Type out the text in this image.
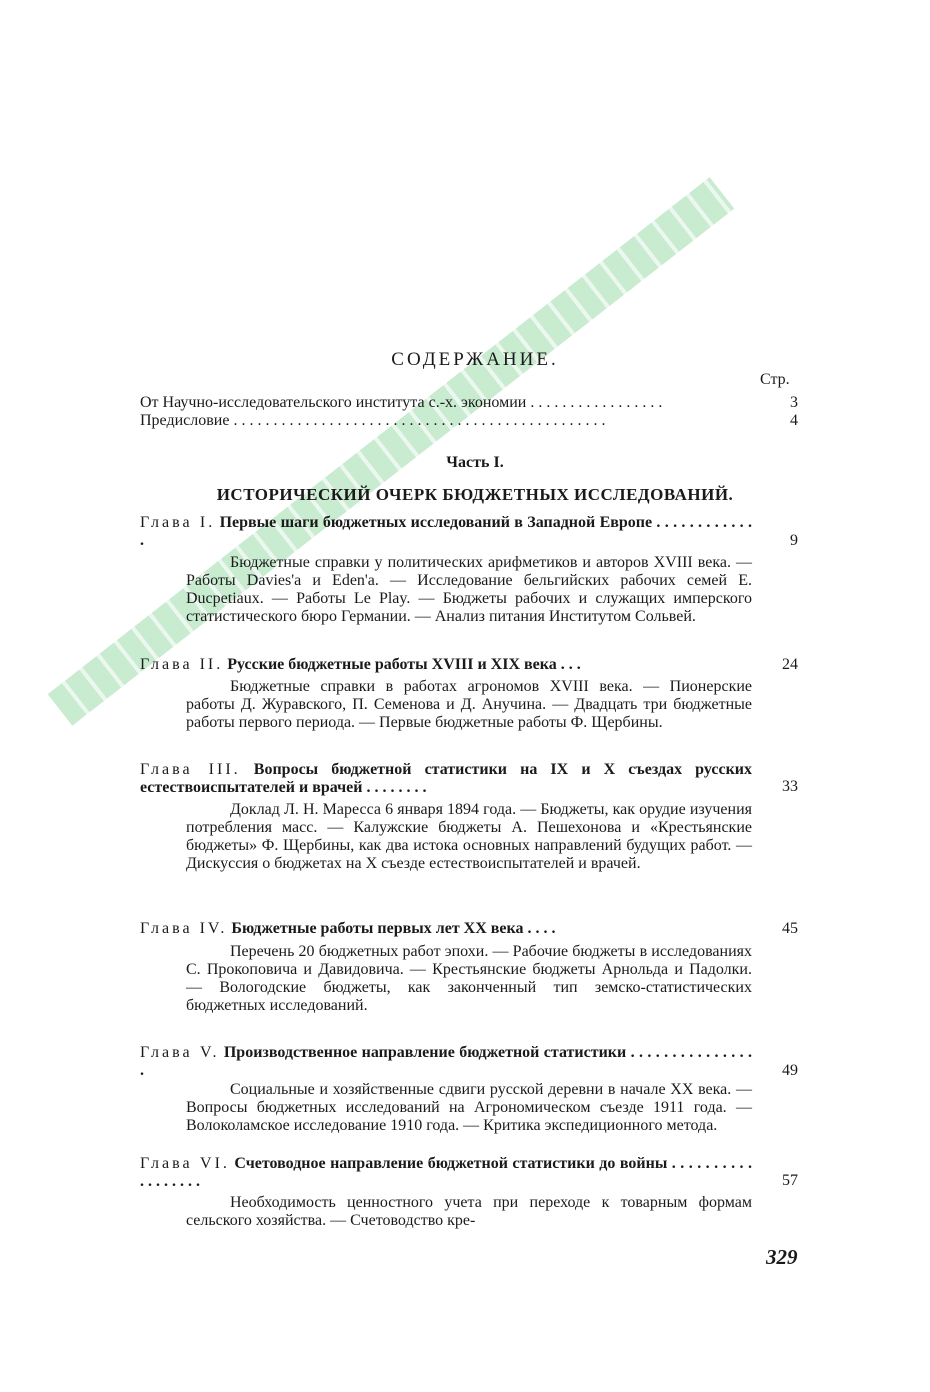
СОДЕРЖАНИЕ.
Стр.
От Научно-исследовательского института с.-х. экономии . . . . . . . . . . . . . . . . .	3
Предисловие . . . . . . . . . . . . . . . . . . . . . . . . . . . . . . . . . . . . . . . . . . . . . . .	4
Часть I.
ИСТОРИЧЕСКИЙ ОЧЕРК БЮДЖЕТНЫХ ИССЛЕДОВАНИЙ.
Глава I. Первые шаги бюджетных исследований в Западной Европе . . . . . . . . . . . . .	9
Бюджетные справки у политических арифметиков и авторов XVIII века. — Работы Davies'a и Eden'a. — Исследование бельгийских рабочих семей E. Ducpetiaux. — Работы Le Play. — Бюджеты рабочих и служащих имперского статистического бюро Германии. — Анализ питания Институтом Сольвей.
Глава II. Русские бюджетные работы XVIII и XIX века . . .	24
Бюджетные справки в работах агрономов XVIII века. — Пионерские работы Д. Журавского, П. Семенова и Д. Анучина. — Двадцать три бюджетные работы первого периода. — Первые бюджетные работы Ф. Щербины.
Глава III. Вопросы бюджетной статистики на IX и X съездах русских естествоиспытателей и врачей . . . . . . . .	33
Доклад Л. Н. Маресса 6 января 1894 года. — Бюджеты, как орудие изучения потребления масс. — Калужские бюджеты А. Пешехонова и «Крестьянские бюджеты» Ф. Щербины, как два истока основных направлений будущих работ. — Дискуссия о бюджетах на X съезде естествоиспытателей и врачей.
Глава IV. Бюджетные работы первых лет XX века . . . .	45
Перечень 20 бюджетных работ эпохи. — Рабочие бюджеты в исследованиях С. Прокоповича и Давидовича. — Крестьянские бюджеты Арнольда и Падолки. — Вологодские бюджеты, как законченный тип земско-статистических бюджетных исследований.
Глава V. Производственное направление бюджетной статистики . . . . . . . . . . . . . . . .	49
Социальные и хозяйственные сдвиги русской деревни в начале XX века. — Вопросы бюджетных исследований на Агрономическом съезде 1911 года. — Волоколамское исследование 1910 года. — Критика экспедиционного метода.
Глава VI. Счетоводное направление бюджетной статистики до войны . . . . . . . . . . . . . . . . . .	57
Необходимость ценностного учета при переходе к товарным формам сельского хозяйства. — Счетоводство кре-
329
